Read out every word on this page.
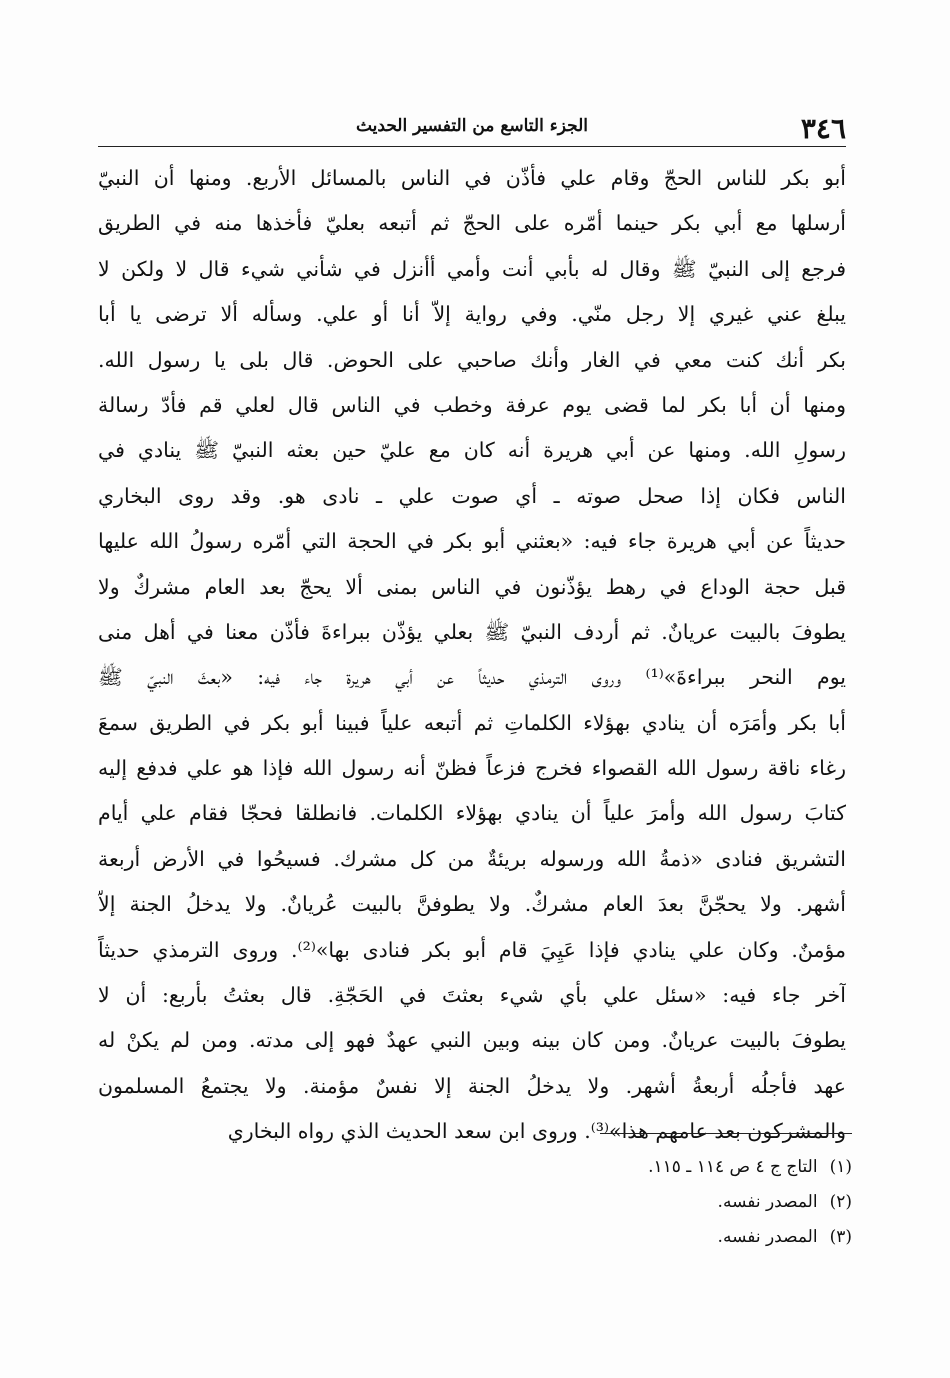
٣٤٦
الجزء التاسع من التفسير الحديث
أبو بكر للناس الحجّ وقام علي فأذّن في الناس بالمسائل الأربع. ومنها أن النبيّ
أرسلها مع أبي بكر حينما أمّره على الحجّ ثم أتبعه بعليّ فأخذها منه في الطريق
فرجع إلى النبيّ ﷺ وقال له بأبي أنت وأمي أأنزل في شأني شيء قال لا ولكن لا
يبلغ عني غيري إلا رجل منّي. وفي رواية إلاّ أنا أو علي. وسأله ألا ترضى يا أبا
بكر أنك كنت معي في الغار وأنك صاحبي على الحوض. قال بلى يا رسول الله.
ومنها أن أبا بكر لما قضى يوم عرفة وخطب في الناس قال لعلي قم فأدّ رسالة
رسولِ الله. ومنها عن أبي هريرة أنه كان مع عليّ حين بعثه النبيّ ﷺ ينادي في
الناس فكان إذا صحل صوته ـ أي صوت علي ـ نادى هو. وقد روى البخاري
حديثاً عن أبي هريرة جاء فيه: «بعثني أبو بكر في الحجة التي أمّره رسولُ الله عليها
قبل حجة الوداع في رهط يؤذّنون في الناس بمنى ألا يحجّ بعد العام مشركٌ ولا
يطوفَ بالبيت عريانٌ. ثم أردف النبيّ ﷺ بعلي يؤذّن ببراءةَ فأذّن معنا في أهل منى
يوم النحر ببراءةَ»⁽¹⁾ وروى الترمذي حديثاً عن أبي هريرة جاء فيه: «بعثَ النبيّ ﷺ
أبا بكر وأمَرَه أن ينادي بهؤلاء الكلماتِ ثم أتبعه علياً فبينا أبو بكر في الطريق سمعَ
رغاء ناقة رسول الله القصواء فخرج فزعاً فظنّ أنه رسول الله فإذا هو علي فدفع إليه
كتابَ رسول الله وأمرَ علياً أن ينادي بهؤلاء الكلمات. فانطلقا فحجّا فقام علي أيام
التشريق فنادى «ذمةُ الله ورسوله بريئةٌ من كل مشرك. فسيحُوا في الأرض أربعة
أشهر. ولا يحجّنَّ بعدَ العام مشركٌ. ولا يطوفنَّ بالبيت عُريانٌ. ولا يدخلُ الجنة إلاّ
مؤمنٌ. وكان علي ينادي فإذا عَيِيَ قام أبو بكر فنادى بها»⁽²⁾. وروى الترمذي حديثاً
آخر جاء فيه: «سئل علي بأي شيء بعثتَ في الحَجّةِ. قال بعثتُ بأربع: أن لا
يطوفَ بالبيت عريانٌ. ومن كان بينه وبين النبي عهدٌ فهو إلى مدته. ومن لم يكنْ له
عهد فأجلُه أربعةُ أشهر. ولا يدخلُ الجنة إلا نفسٌ مؤمنة. ولا يجتمعُ المسلمون
والمشركون بعد عامهم هذا»⁽³⁾. وروى ابن سعد الحديث الذي رواه البخاري
(١)التاج ج ٤ ص ١١٤ ـ ١١٥.
(٢)المصدر نفسه.
(٣)المصدر نفسه.
